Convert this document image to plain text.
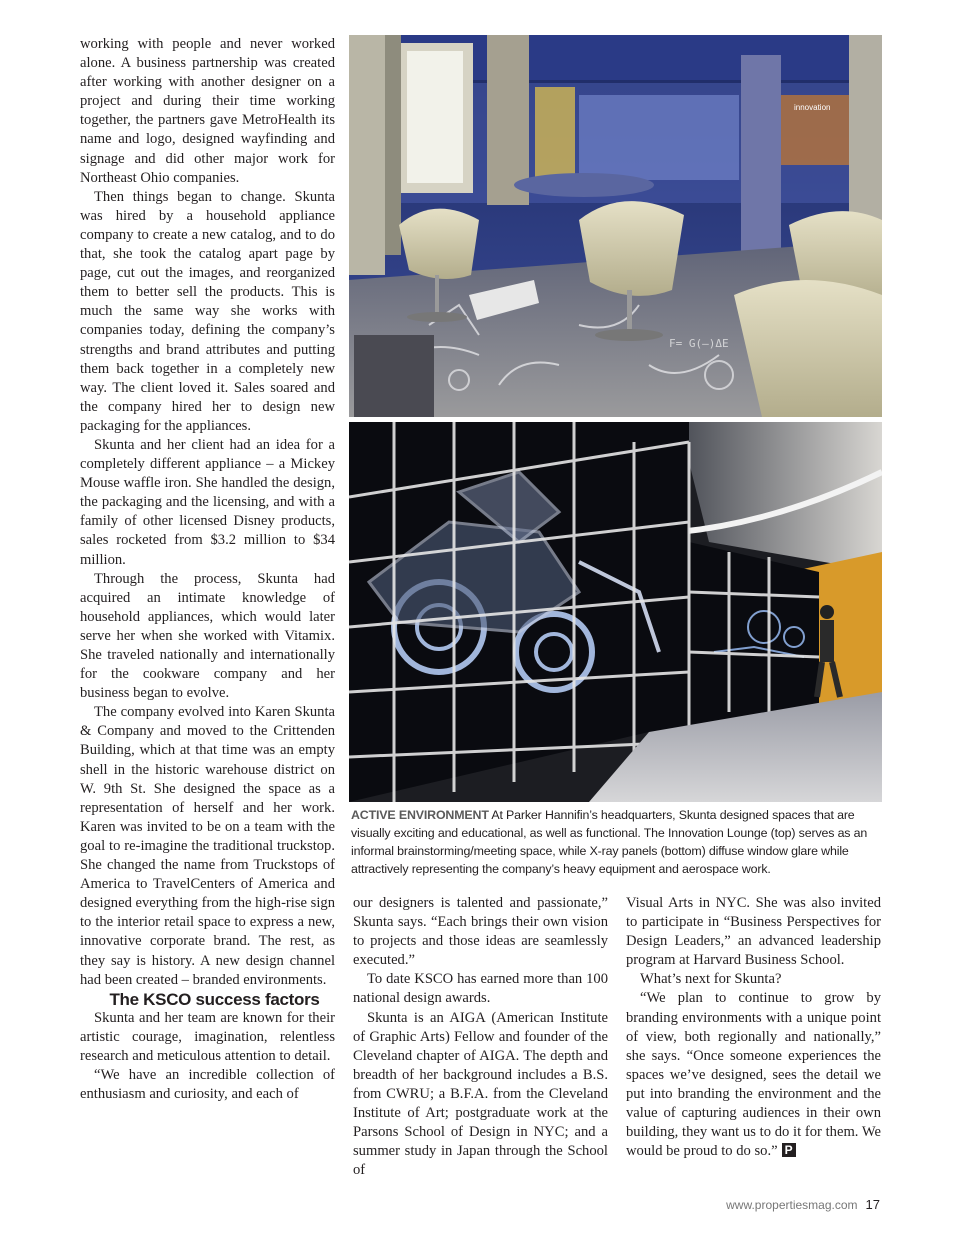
working with people and never worked alone. A business partnership was created after working with another designer on a project and during their time working together, the partners gave MetroHealth its name and logo, designed wayfinding and signage and did other major work for Northeast Ohio companies.

Then things began to change. Skunta was hired by a household appliance company to create a new catalog, and to do that, she took the catalog apart page by page, cut out the images, and reorganized them to better sell the products. This is much the same way she works with companies today, defining the company’s strengths and brand attributes and putting them back together in a completely new way. The client loved it. Sales soared and the company hired her to design new packaging for the appliances.

Skunta and her client had an idea for a completely different appliance – a Mickey Mouse waffle iron. She handled the design, the packaging and the licensing, and with a family of other licensed Disney products, sales rocketed from $3.2 million to $34 million.

Through the process, Skunta had acquired an intimate knowledge of household appliances, which would later serve her when she worked with Vitamix. She traveled nationally and internationally for the cookware company and her business began to evolve.

The company evolved into Karen Skunta & Company and moved to the Crittenden Building, which at that time was an empty shell in the historic warehouse district on W. 9th St. She designed the space as a representation of herself and her work. Karen was invited to be on a team with the goal to re-imagine the traditional truckstop. She changed the name from Truckstops of America to TravelCenters of America and designed everything from the high-rise sign to the interior retail space to express a new, innovative corporate brand. The rest, as they say is history. A new design channel had been created – branded environments.

The KSCO success factors

Skunta and her team are known for their artistic courage, imagination, relentless research and meticulous attention to detail.

“We have an incredible collection of enthusiasm and curiosity, and each of

F= G(–)ΔE
innovation
ACTIVE ENVIRONMENT At Parker Hannifin’s headquarters, Skunta designed spaces that are visually exciting and educational, as well as functional. The Innovation Lounge (top) serves as an informal brainstorming/meeting space, while X-ray panels (bottom) diffuse window glare while attractively representing the company’s heavy equipment and aerospace work.

our designers is talented and passionate,” Skunta says. “Each brings their own vision to projects and those ideas are seamlessly executed.”

To date KSCO has earned more than 100 national design awards.

Skunta is an AIGA (American Institute of Graphic Arts) Fellow and founder of the Cleveland chapter of AIGA. The depth and breadth of her background includes a B.S. from CWRU; a B.F.A. from the Cleveland Institute of Art; postgraduate work at the Parsons School of Design in NYC; and a summer study in Japan through the School of

Visual Arts in NYC. She was also invited to participate in “Business Perspectives for Design Leaders,” an advanced leadership program at Harvard Business School.

What’s next for Skunta?

“We plan to continue to grow by branding environments with a unique point of view, both regionally and nationally,” she says. “Once someone experiences the spaces we’ve designed, sees the detail we put into branding the environment and the value of capturing audiences in their own building, they want us to do it for them. We would be proud to do so.” P

www.propertiesmag.com 17
